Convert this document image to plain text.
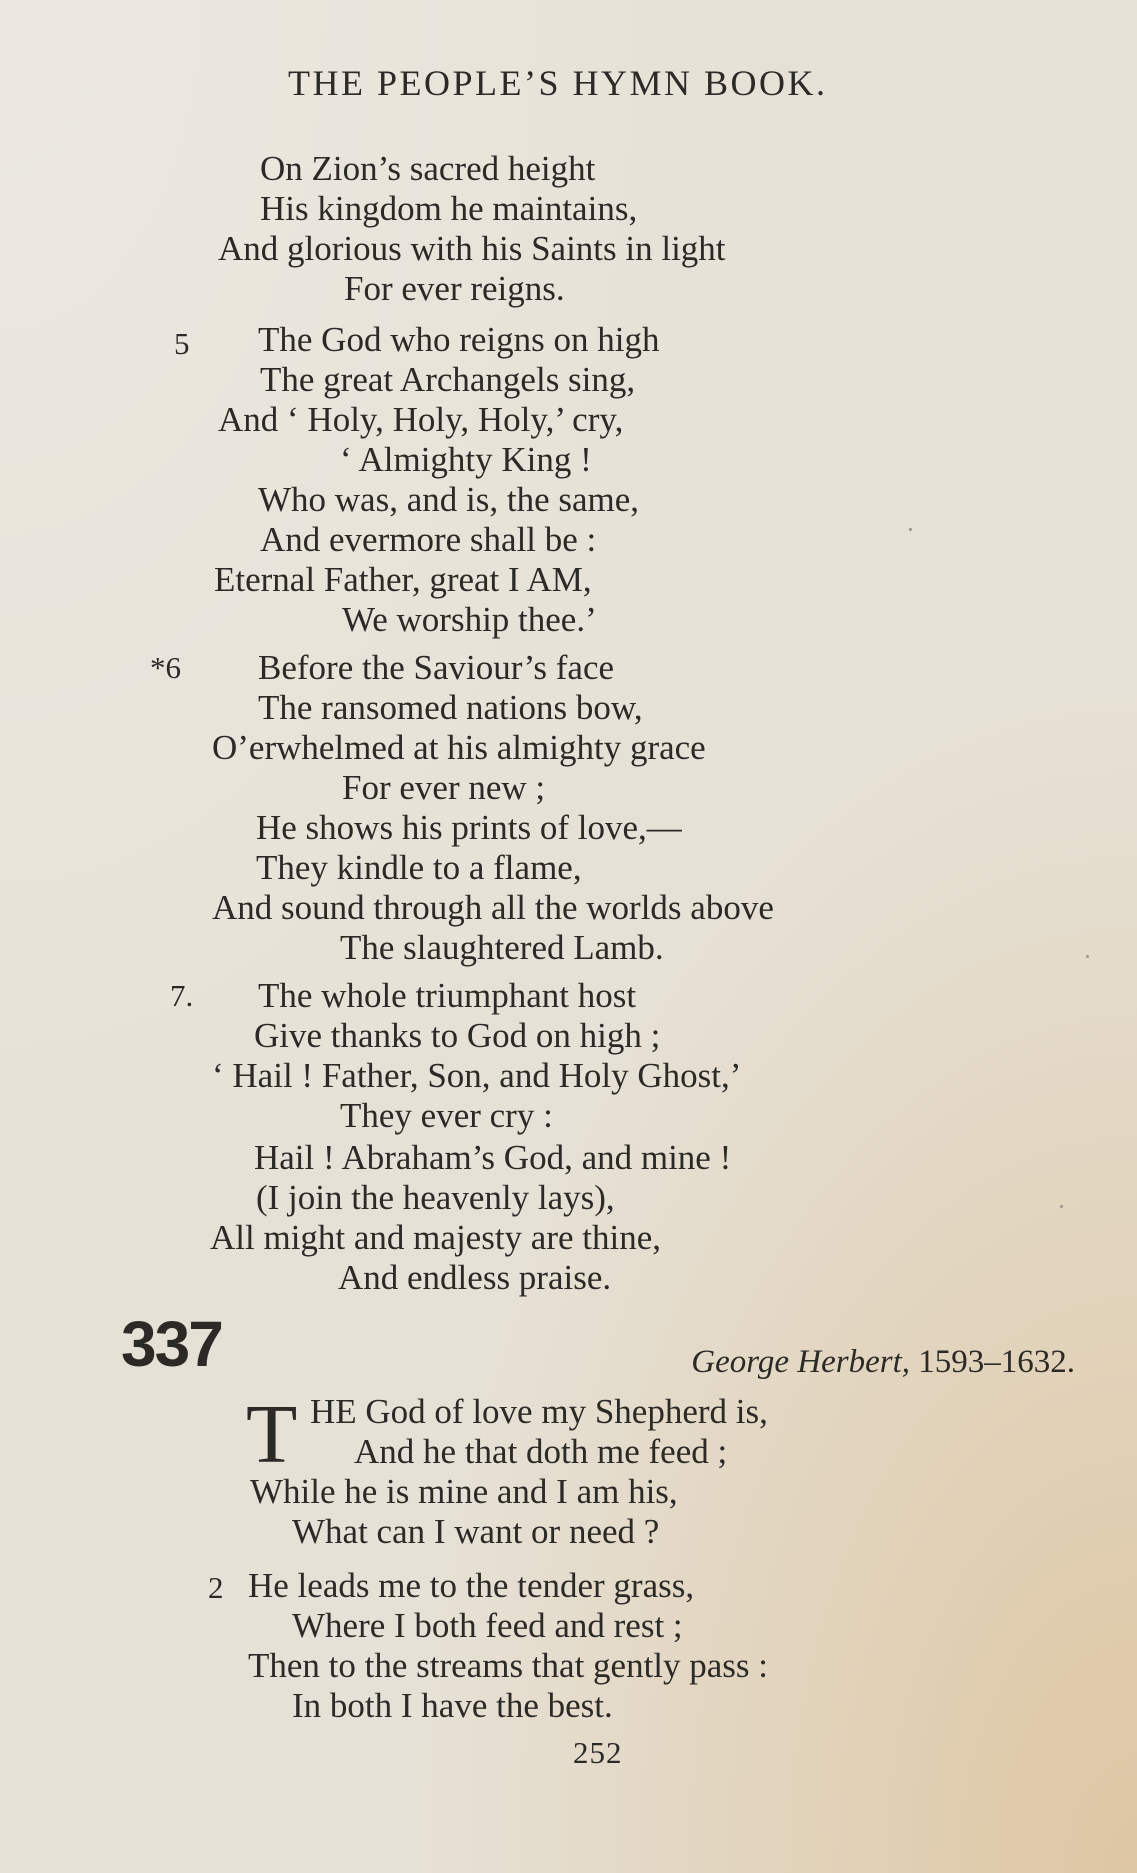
THE PEOPLE’S HYMN BOOK.
On Zion’s sacred height
His kingdom he maintains,
And glorious with his Saints in light
For ever reigns.
5 The God who reigns on high
The great Archangels sing,
And ‘ Holy, Holy, Holy,’ cry,
‘ Almighty King !
Who was, and is, the same,
And evermore shall be :
Eternal Father, great I AM,
We worship thee.’
*6 Before the Saviour’s face
The ransomed nations bow,
O’erwhelmed at his almighty grace
For ever new ;
He shows his prints of love,—
They kindle to a flame,
And sound through all the worlds above
The slaughtered Lamb.
7. The whole triumphant host
Give thanks to God on high ;
‘ Hail ! Father, Son, and Holy Ghost,’
They ever cry :
Hail ! Abraham’s God, and mine !
(I join the heavenly lays),
All might and majesty are thine,
And endless praise.
337	George Herbert, 1593–1632.
T HE God of love my Shepherd is,
And he that doth me feed ;
While he is mine and I am his,
What can I want or need ?
2 He leads me to the tender grass,
Where I both feed and rest ;
Then to the streams that gently pass :
In both I have the best.
252
